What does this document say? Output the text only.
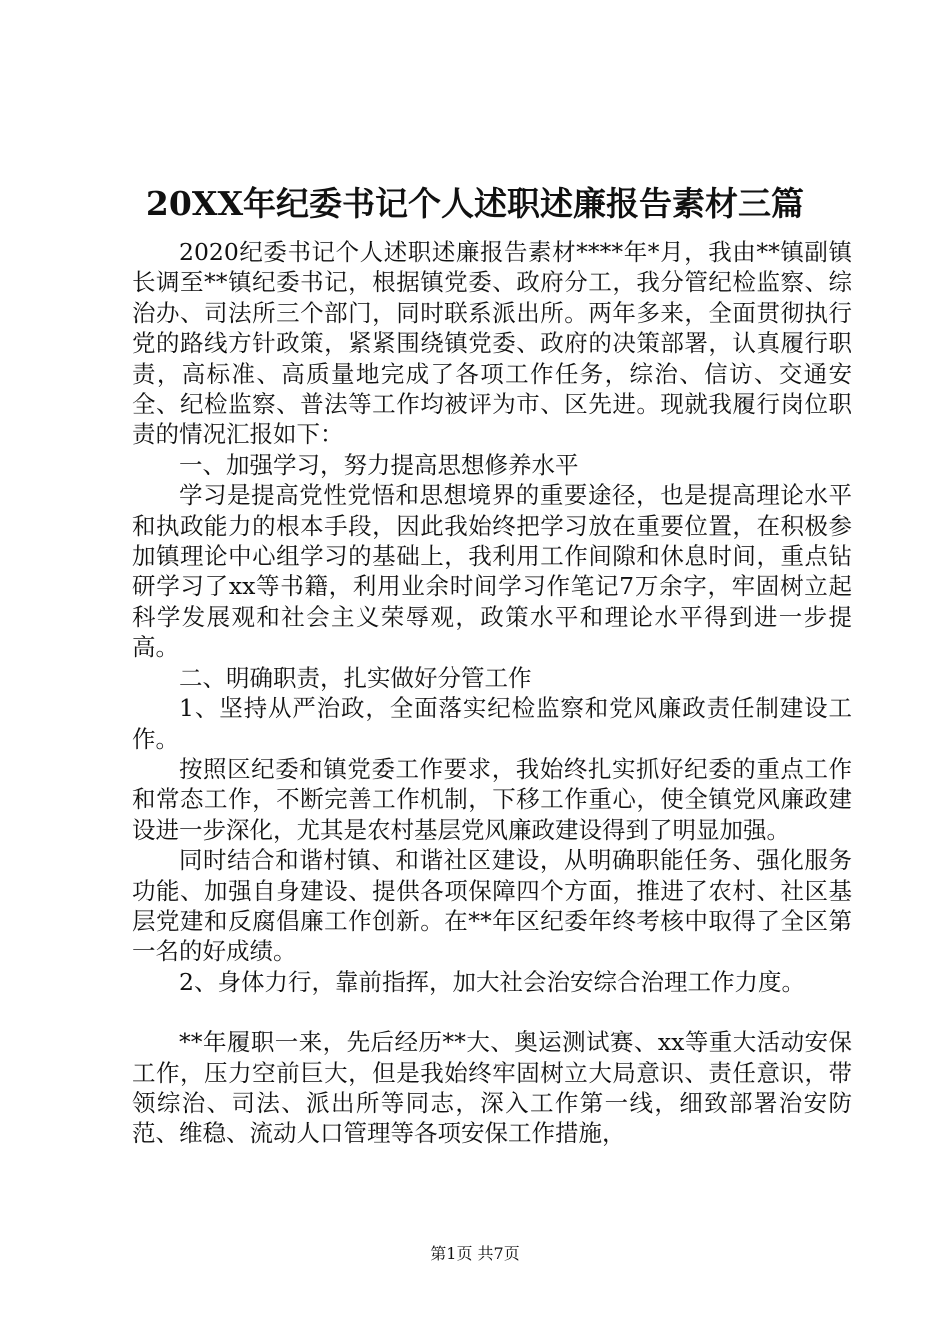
20XX年纪委书记个人述职述廉报告素材三篇

2020纪委书记个人述职述廉报告素材****年*月，我由**镇副镇长调至**镇纪委书记，根据镇党委、政府分工，我分管纪检监察、综治办、司法所三个部门，同时联系派出所。两年多来，全面贯彻执行党的路线方针政策，紧紧围绕镇党委、政府的决策部署，认真履行职责，高标准、高质量地完成了各项工作任务，综治、信访、交通安全、纪检监察、普法等工作均被评为市、区先进。现就我履行岗位职责的情况汇报如下：

一、加强学习，努力提高思想修养水平

学习是提高党性党悟和思想境界的重要途径，也是提高理论水平和执政能力的根本手段，因此我始终把学习放在重要位置，在积极参加镇理论中心组学习的基础上，我利用工作间隙和休息时间，重点钻研学习了xx等书籍，利用业余时间学习作笔记7万余字，牢固树立起科学发展观和社会主义荣辱观，政策水平和理论水平得到进一步提高。

二、明确职责，扎实做好分管工作

1、坚持从严治政，全面落实纪检监察和党风廉政责任制建设工作。

按照区纪委和镇党委工作要求，我始终扎实抓好纪委的重点工作和常态工作，不断完善工作机制，下移工作重心，使全镇党风廉政建设进一步深化，尤其是农村基层党风廉政建设得到了明显加强。

同时结合和谐村镇、和谐社区建设，从明确职能任务、强化服务功能、加强自身建设、提供各项保障四个方面，推进了农村、社区基层党建和反腐倡廉工作创新。在**年区纪委年终考核中取得了全区第一名的好成绩。

2、身体力行，靠前指挥，加大社会治安综合治理工作力度。

**年履职一来，先后经历**大、奥运测试赛、xx等重大活动安保工作，压力空前巨大，但是我始终牢固树立大局意识、责任意识，带领综治、司法、派出所等同志，深入工作第一线，细致部署治安防范、维稳、流动人口管理等各项安保工作措施，

第1页 共7页
